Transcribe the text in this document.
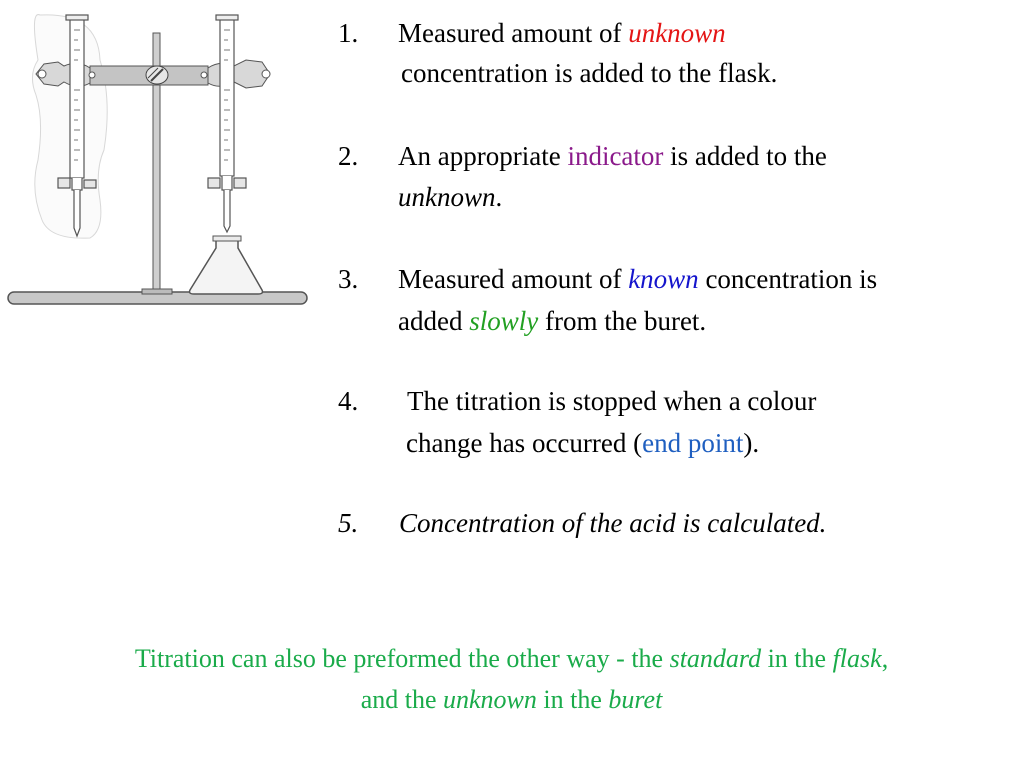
1. Measured amount of unknown
concentration is added to the flask.
2. An appropriate indicator is added to the
unknown.
3. Measured amount of known concentration is
added slowly from the buret.
4. The titration is stopped when a colour
change has occurred (end point).
5. Concentration of the acid is calculated.
Titration can also be preformed the other way - the standard in the flask,
and the unknown in the buret
